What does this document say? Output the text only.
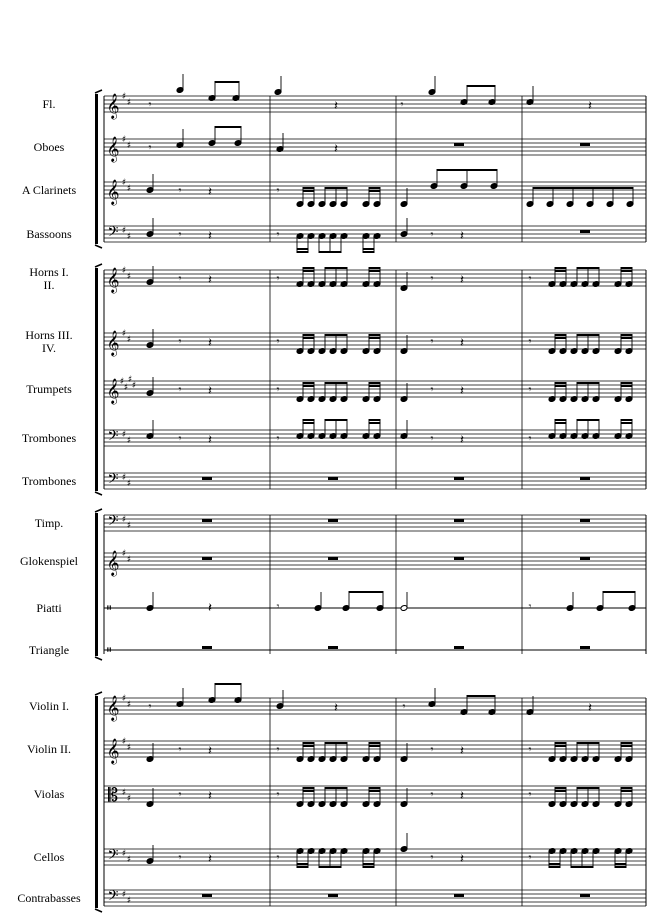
𝄞 ♯
♯
𝄞 ♯
♯
𝄞 ♯
♯
𝄢 ♯
♯
𝄞 ♯
♯
𝄞 ♯
♯
𝄞 ♯
♯
♯
♯
𝄢 ♯
♯
𝄢 ♯
♯
𝄢 ♯
♯
𝄞 ♯
♯
𝄥
𝄥
𝄞 ♯
♯
𝄞 ♯
♯
𝄡 ♯
♯
𝄢 ♯
♯
𝄢 ♯
♯
𝄾	𝄽	𝄾	𝄽
𝄾	𝄽
𝄾 𝄽	𝄾
𝄾 𝄽	𝄾	𝄾 𝄽
𝄾 𝄽	𝄾	𝄾 𝄽	𝄾
𝄾 𝄽	𝄾	𝄾 𝄽	𝄾
𝄾 𝄽	𝄾	𝄾 𝄽	𝄾
𝄾 𝄽	𝄾	𝄾 𝄽	𝄾
𝄽	𝄾	𝄾
𝄾	𝄽	𝄾	𝄽
𝄾 𝄽	𝄾	𝄾 𝄽	𝄾
𝄾 𝄽	𝄾	𝄾 𝄽	𝄾
𝄾 𝄽	𝄾	𝄾 𝄽	𝄾
Fl.
Oboes
A Clarinets
Bassoons
Horns I.
II.
Horns III.
IV.
Trumpets
Trombones
Trombones
Timp.
Glokenspiel
Piatti
Triangle
Violin I.
Violin II.
Violas
Cellos
Contrabasses
